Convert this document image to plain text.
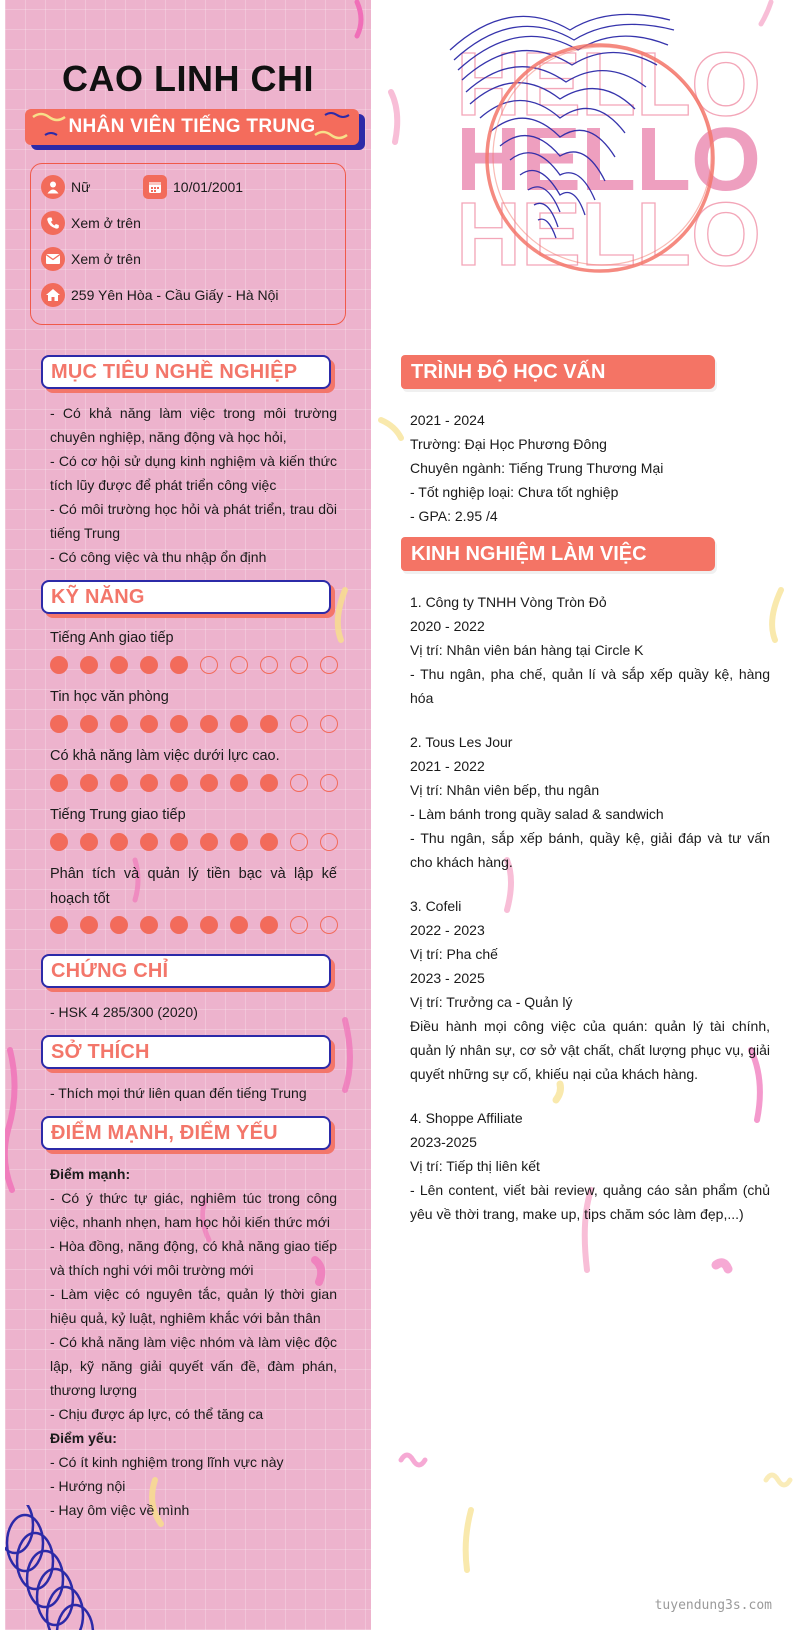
CAO LINH CHI
NHÂN VIÊN TIẾNG TRUNG
Nữ	10/01/2001
Xem ở trên
Xem ở trên
259 Yên Hòa - Cầu Giấy - Hà Nội
MỤC TIÊU NGHỀ NGHIỆP
- Có khả năng làm việc trong môi trường chuyên nghiệp, năng động và học hỏi,
- Có cơ hội sử dụng kinh nghiệm và kiến thức tích lũy được để phát triển công việc
- Có môi trường học hỏi và phát triển, trau dồi tiếng Trung
- Có công việc và thu nhập ổn định
KỸ NĂNG
Tiếng Anh giao tiếp
Tin học văn phòng
Có khả năng làm việc dưới lực cao.
Tiếng Trung giao tiếp
Phân tích và quản lý tiền bạc và lập kế hoạch tốt
CHỨNG CHỈ
- HSK 4 285/300 (2020)
SỞ THÍCH
- Thích mọi thứ liên quan đến tiếng Trung
ĐIỂM MẠNH, ĐIỂM YẾU
Điểm mạnh:
- Có ý thức tự giác, nghiêm túc trong công việc, nhanh nhẹn, ham học hỏi kiến thức mới
- Hòa đồng, năng động, có khả năng giao tiếp và thích nghi với môi trường mới
- Làm việc có nguyên tắc, quản lý thời gian hiệu quả, kỷ luật, nghiêm khắc với bản thân
- Có khả năng làm việc nhóm và làm việc độc lập, kỹ năng giải quyết vấn đề, đàm phán, thương lượng
- Chịu được áp lực, có thể tăng ca
Điểm yếu:
- Có ít kinh nghiệm trong lĩnh vực này
- Hướng nội
- Hay ôm việc về mình
HELLO
HELLO
HELLO
TRÌNH ĐỘ HỌC VẤN
2021 - 2024
Trường: Đại Học Phương Đông
Chuyên ngành: Tiếng Trung Thương Mại
- Tốt nghiệp loại: Chưa tốt nghiệp
- GPA: 2.95 /4
KINH NGHIỆM LÀM VIỆC
1. Công ty TNHH Vòng Tròn Đỏ
2020 - 2022
Vị trí: Nhân viên bán hàng tại Circle K
- Thu ngân, pha chế, quản lí và sắp xếp quầy kệ, hàng hóa
2. Tous Les Jour
2021 - 2022
Vị trí: Nhân viên bếp, thu ngân
- Làm bánh trong quầy salad & sandwich
- Thu ngân, sắp xếp bánh, quầy kệ, giải đáp và tư vấn cho khách hàng.
3. Cofeli
2022 - 2023
Vị trí: Pha chế
2023 - 2025
Vị trí: Trưởng ca - Quản lý
Điều hành mọi công việc của quán: quản lý tài chính, quản lý nhân sự, cơ sở vật chất, chất lượng phục vụ, giải quyết những sự cố, khiếu nại của khách hàng.
4. Shoppe Affiliate
2023-2025
Vị trí: Tiếp thị liên kết
- Lên content, viết bài review, quảng cáo sản phẩm (chủ yêu về thời trang, make up, tips chăm sóc làm đẹp,...)
tuyendung3s.com
